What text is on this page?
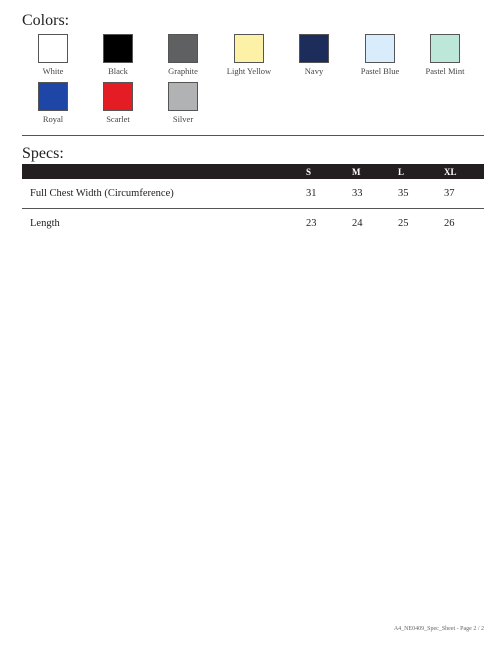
Colors:
White	Black	Graphite	Light Yellow	Navy	Pastel Blue	Pastel Mint
Royal	Scarlet	Silver
Specs:
	S	M	L	XL
Full Chest Width (Circumference)	31	33	35	37
Length	23	24	25	26
A4_NE0409_Spec_Sheet - Page 2 / 2
